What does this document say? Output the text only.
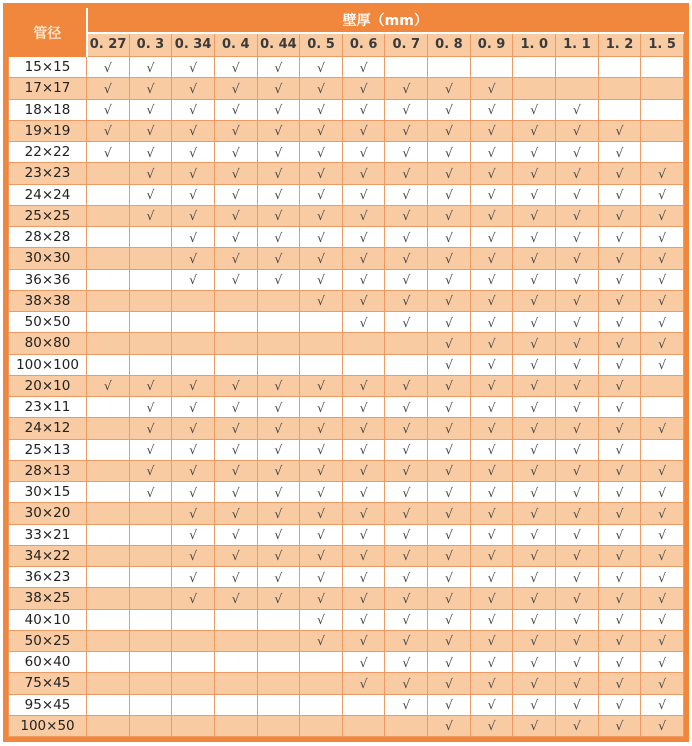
管径	壁厚（mm）													
	0. 27	0. 3	0. 34	0. 4	0. 44	0. 5	0. 6	0. 7	0. 8	0. 9	1. 0	1. 1	1. 2	1. 5
15×15	√	√	√	√	√	√	√							
17×17	√	√	√	√	√	√	√	√	√	√				
18×18	√	√	√	√	√	√	√	√	√	√	√	√		
19×19	√	√	√	√	√	√	√	√	√	√	√	√	√	
22×22	√	√	√	√	√	√	√	√	√	√	√	√	√	
23×23		√	√	√	√	√	√	√	√	√	√	√	√	√
24×24		√	√	√	√	√	√	√	√	√	√	√	√	√
25×25		√	√	√	√	√	√	√	√	√	√	√	√	√
28×28			√	√	√	√	√	√	√	√	√	√	√	√
30×30			√	√	√	√	√	√	√	√	√	√	√	√
36×36			√	√	√	√	√	√	√	√	√	√	√	√
38×38						√	√	√	√	√	√	√	√	√
50×50							√	√	√	√	√	√	√	√
80×80									√	√	√	√	√	√
100×100									√	√	√	√	√	√
20×10	√	√	√	√	√	√	√	√	√	√	√	√	√	
23×11		√	√	√	√	√	√	√	√	√	√	√	√	
24×12		√	√	√	√	√	√	√	√	√	√	√	√	√
25×13		√	√	√	√	√	√	√	√	√	√	√	√	
28×13		√	√	√	√	√	√	√	√	√	√	√	√	√
30×15		√	√	√	√	√	√	√	√	√	√	√	√	√
30×20			√	√	√	√	√	√	√	√	√	√	√	√
33×21			√	√	√	√	√	√	√	√	√	√	√	√
34×22			√	√	√	√	√	√	√	√	√	√	√	√
36×23			√	√	√	√	√	√	√	√	√	√	√	√
38×25			√	√	√	√	√	√	√	√	√	√	√	√
40×10						√	√	√	√	√	√	√	√	√
50×25						√	√	√	√	√	√	√	√	√
60×40							√	√	√	√	√	√	√	√
75×45							√	√	√	√	√	√	√	√
95×45								√	√	√	√	√	√	√
100×50									√	√	√	√	√	√
